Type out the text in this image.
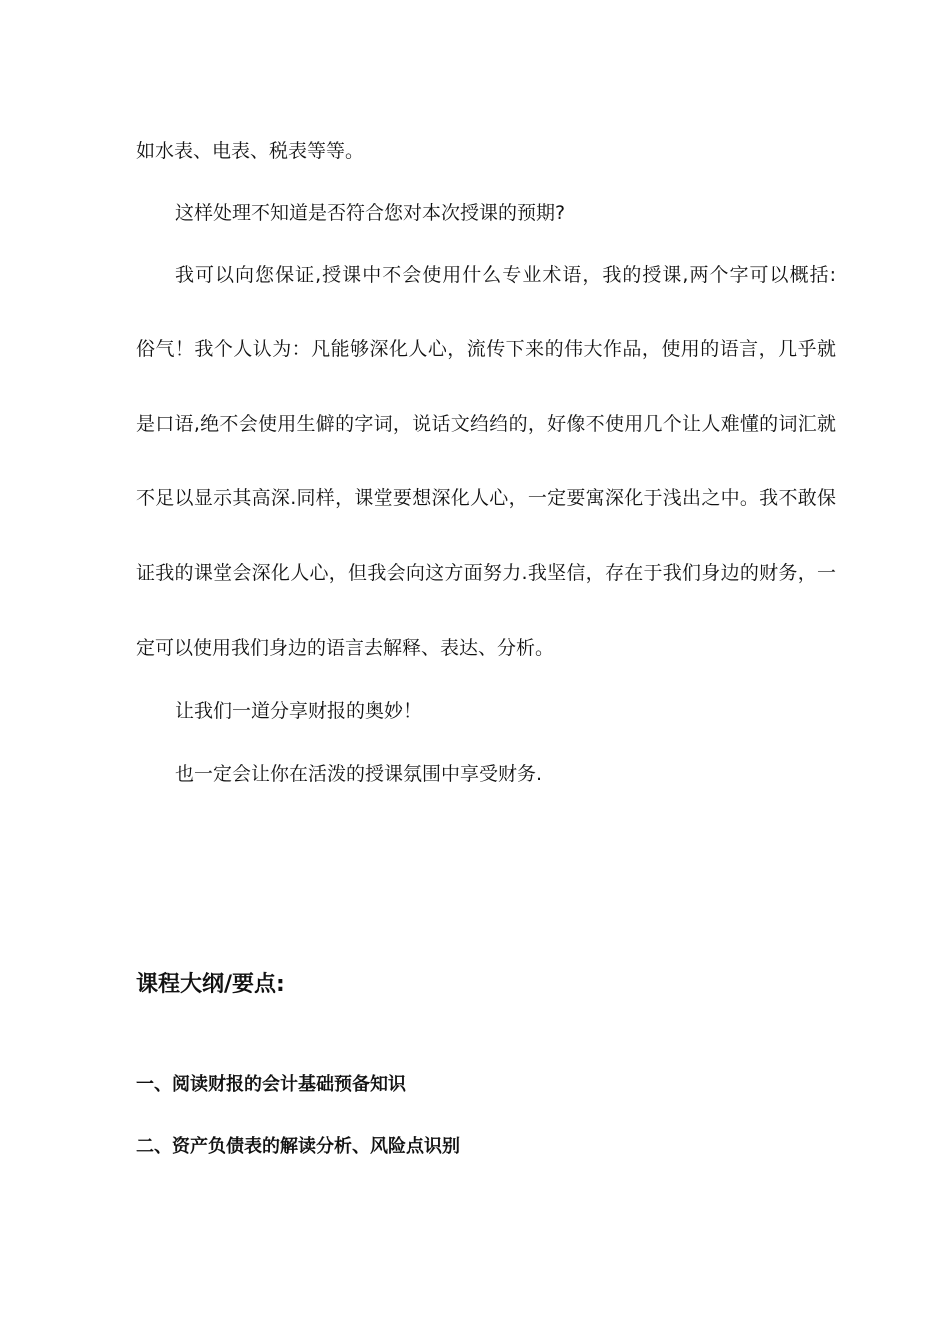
如水表、电表、税表等等。
这样处理不知道是否符合您对本次授课的预期?
我可以向您保证,授课中不会使用什么专业术语，我的授课,两个字可以概括:
俗气！我个人认为：凡能够深化人心，流传下来的伟大作品，使用的语言，几乎就
是口语,绝不会使用生僻的字词，说话文绉绉的，好像不使用几个让人难懂的词汇就
不足以显示其高深.同样，课堂要想深化人心，一定要寓深化于浅出之中。我不敢保
证我的课堂会深化人心，但我会向这方面努力.我坚信，存在于我们身边的财务，一
定可以使用我们身边的语言去解释、表达、分析。
让我们一道分享财报的奥妙！
也一定会让你在活泼的授课氛围中享受财务.
课程大纲/要点:
一、阅读财报的会计基础预备知识
二、资产负债表的解读分析、风险点识别
